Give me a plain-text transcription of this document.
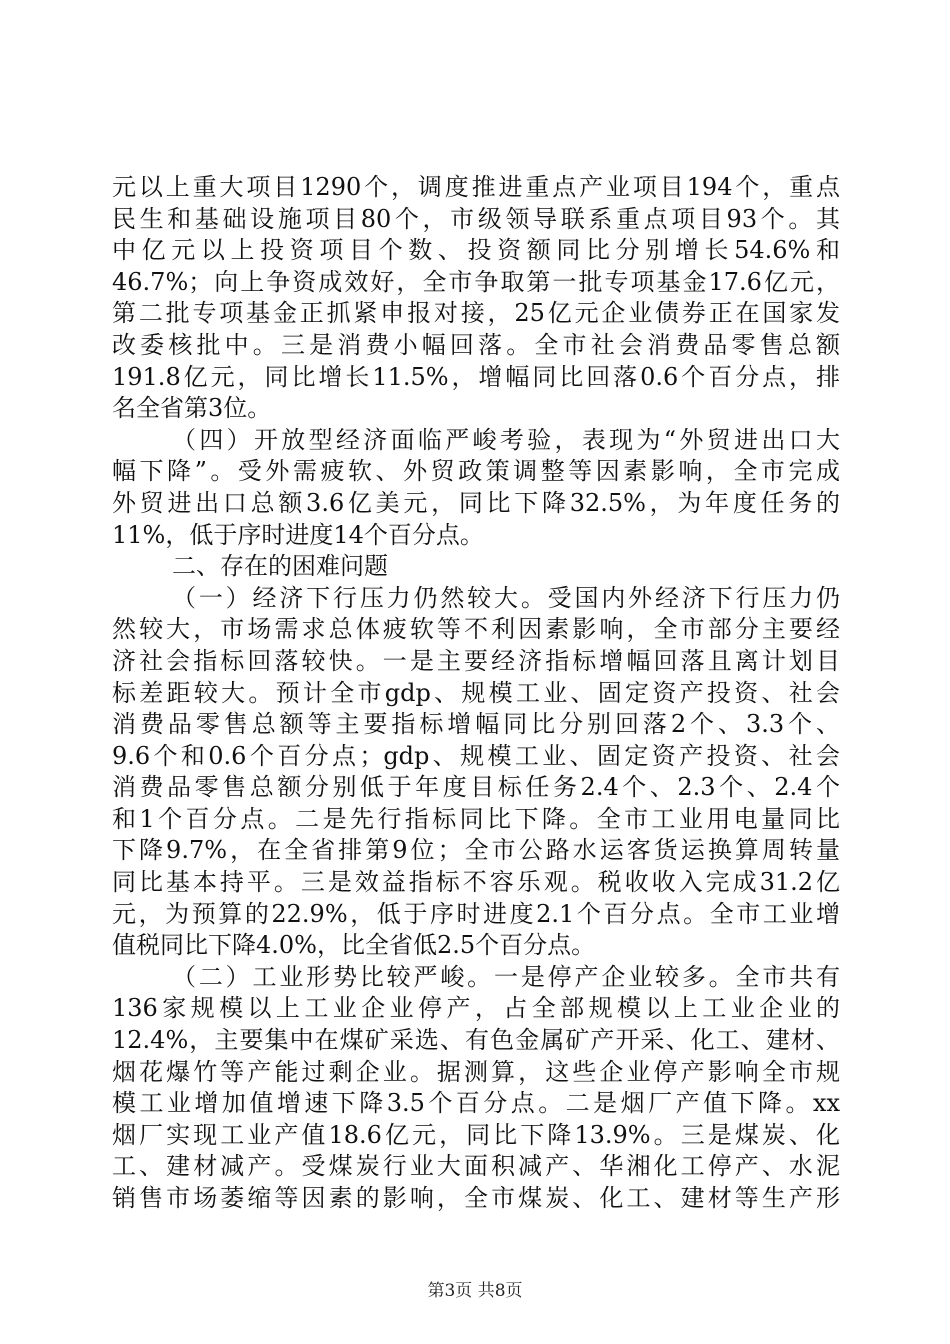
元以上重大项目1290个，调度推进重点产业项目194个，重点
民生和基础设施项目80个，市级领导联系重点项目93个。其
中亿元以上投资项目个数、投资额同比分别增长54.6%和
46.7%；向上争资成效好，全市争取第一批专项基金17.6亿元，
第二批专项基金正抓紧申报对接，25亿元企业债券正在国家发
改委核批中。三是消费小幅回落。全市社会消费品零售总额
191.8亿元，同比增长11.5%，增幅同比回落0.6个百分点，排
名全省第3位。
（四）开放型经济面临严峻考验，表现为“外贸进出口大
幅下降”。受外需疲软、外贸政策调整等因素影响，全市完成
外贸进出口总额3.6亿美元，同比下降32.5%，为年度任务的
11%，低于序时进度14个百分点。
二、存在的困难问题
（一）经济下行压力仍然较大。受国内外经济下行压力仍
然较大，市场需求总体疲软等不利因素影响，全市部分主要经
济社会指标回落较快。一是主要经济指标增幅回落且离计划目
标差距较大。预计全市gdp、规模工业、固定资产投资、社会
消费品零售总额等主要指标增幅同比分别回落2个、3.3个、
9.6个和0.6个百分点；gdp、规模工业、固定资产投资、社会
消费品零售总额分别低于年度目标任务2.4个、2.3个、2.4个
和1个百分点。二是先行指标同比下降。全市工业用电量同比
下降9.7%，在全省排第9位；全市公路水运客货运换算周转量
同比基本持平。三是效益指标不容乐观。税收收入完成31.2亿
元，为预算的22.9%，低于序时进度2.1个百分点。全市工业增
值税同比下降4.0%，比全省低2.5个百分点。
（二）工业形势比较严峻。一是停产企业较多。全市共有
136家规模以上工业企业停产，占全部规模以上工业企业的
12.4%，主要集中在煤矿采选、有色金属矿产开采、化工、建材、
烟花爆竹等产能过剩企业。据测算，这些企业停产影响全市规
模工业增加值增速下降3.5个百分点。二是烟厂产值下降。xx
烟厂实现工业产值18.6亿元，同比下降13.9%。三是煤炭、化
工、建材减产。受煤炭行业大面积减产、华湘化工停产、水泥
销售市场萎缩等因素的影响，全市煤炭、化工、建材等生产形
第3页 共8页
